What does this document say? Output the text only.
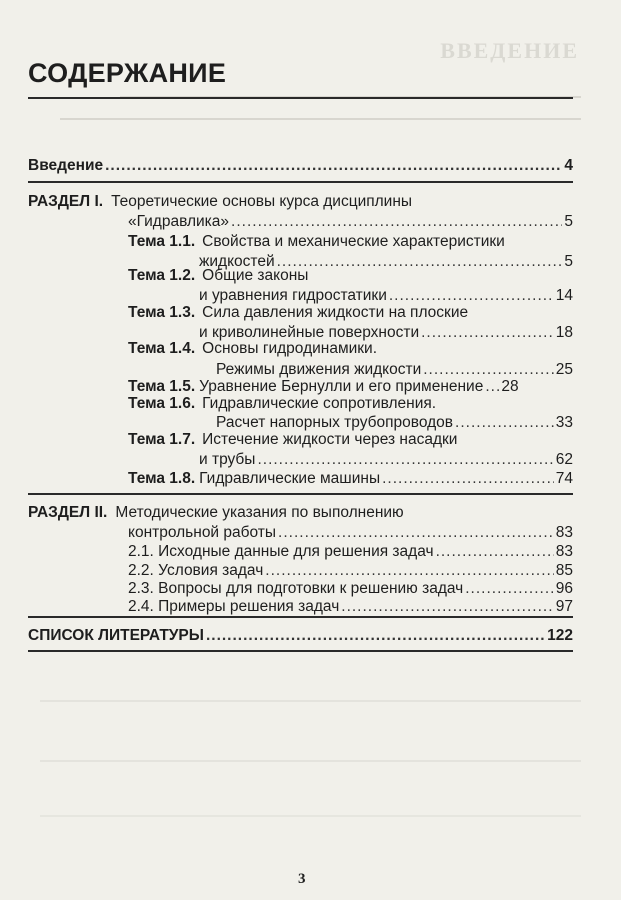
ВВЕДЕНИЕ
СОДЕРЖАНИЕ
Введение .....	4
РАЗДЕЛ I. Теоретические основы курса дисциплины
«Гидравлика» .....	5
Тема 1.1. Свойства и механические характеристики
жидкостей .....	5
Тема 1.2. Общие законы
и уравнения гидростатики .....	14
Тема 1.3. Сила давления жидкости на плоские
и криволинейные поверхности .....	18
Тема 1.4. Основы гидродинамики.
Режимы движения жидкости .....	25
Тема 1.5. Уравнение Бернулли и его применение ..... 28
Тема 1.6. Гидравлические сопротивления.
Расчет напорных трубопроводов .....	33
Тема 1.7. Истечение жидкости через насадки
и трубы .....	62
Тема 1.8. Гидравлические машины .....	74
РАЗДЕЛ II. Методические указания по выполнению
контрольной работы .....	83
2.1. Исходные данные для решения задач .....	83
2.2. Условия задач .....	85
2.3. Вопросы для подготовки к решению задач .....	96
2.4. Примеры решения задач .....	97
СПИСОК ЛИТЕРАТУРЫ .....	122
3
